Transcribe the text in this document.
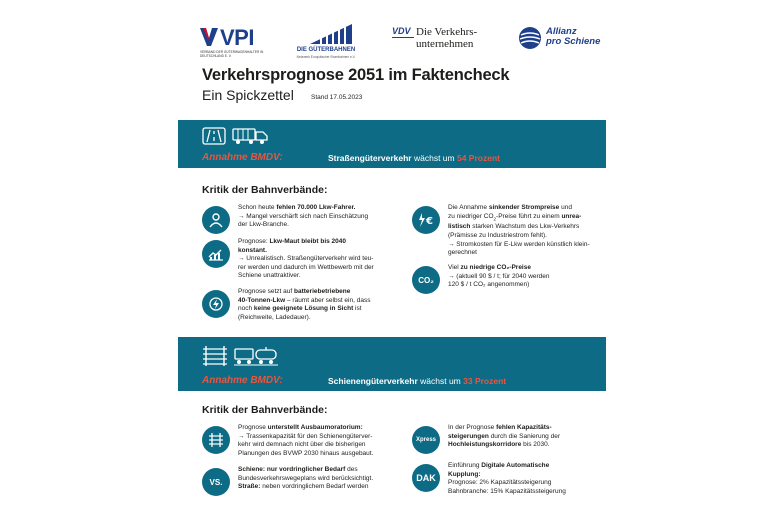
VPI
VERBAND DER GÜTERWAGENHALTER IN DEUTSCHLAND E. V.
DIE GÜTERBAHNEN
Netzwerk Europäischer Eisenbahnen e.V.
VDV Die Verkehrs-
unternehmen
Allianz
pro Schiene
Verkehrsprognose 2051 im Faktencheck
Ein Spickzettel	Stand 17.05.2023
Annahme BMDV:	Straßengüterverkehr wächst um 54 Prozent
Kritik der Bahnverbände:
Schon heute fehlen 70.000 Lkw-Fahrer.
→ Mangel verschärft sich nach Einschätzung
der Lkw-Branche.
Prognose: Lkw-Maut bleibt bis 2040
konstant.
→ Unrealistisch. Straßengüterverkehr wird teu-
rer werden und dadurch im Wettbewerb mit der
Schiene unattraktiver.
Prognose setzt auf batteriebetriebene
40-Tonnen-Lkw – räumt aber selbst ein, dass
noch keine geeignete Lösung in Sicht ist
(Reichweite, Ladedauer).
€
Die Annahme sinkender Strompreise und
zu niedriger $CO_2$-Preise führt zu einem unrea-
listisch starken Wachstum des Lkw-Verkehrs
(Prämisse zu Industriestrom fehlt).
→ Stromkosten für E-Lkw werden künstlich klein-
gerechnet
CO₂
Viel zu niedrige CO₂-Preise
→ (aktuell 90 $ / t; für 2040 werden
120 $ / t CO₂ angenommen)
Annahme BMDV:	Schienengüterverkehr wächst um 33 Prozent
Kritik der Bahnverbände:
Prognose unterstellt Ausbaumoratorium:
→ Trassenkapazität für den Schienengüterver-
kehr wird demnach nicht über die bisherigen
Planungen des BVWP 2030 hinaus ausgebaut.
VS.
Schiene: nur vordringlicher Bedarf des
Bundesverkehrswegeplans wird berücksichtigt.
Straße: neben vordringlichem Bedarf werden
Xpress
In der Prognose fehlen Kapazitäts-
steigerungen durch die Sanierung der
Hochleistungskorridore bis 2030.
DAK
Einführung Digitale Automatische
Kupplung:
Prognose: 2% Kapazitätssteigerung
Bahnbranche: 15% Kapazitätssteigerung
